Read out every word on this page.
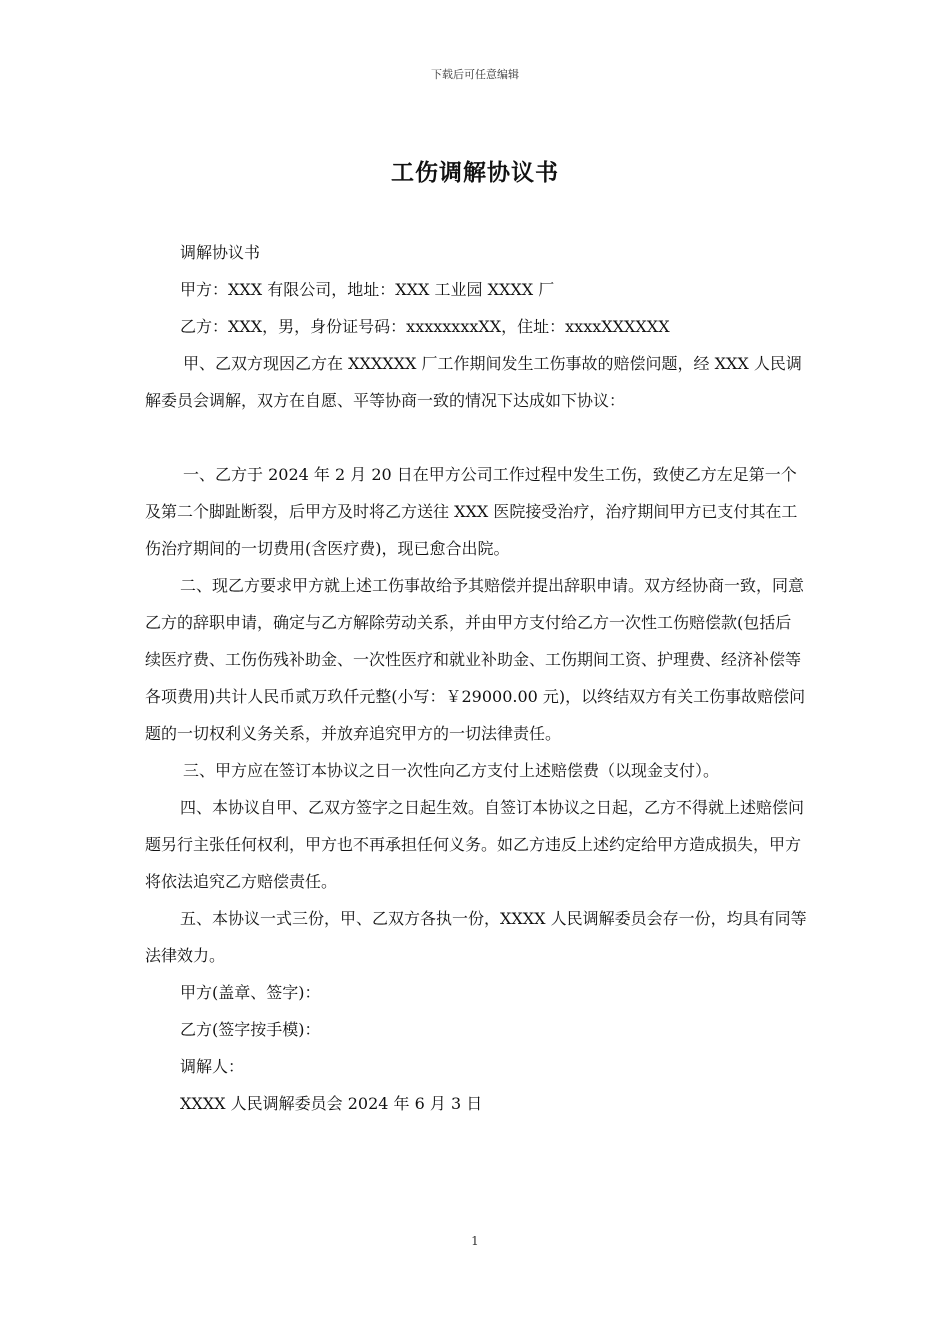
下载后可任意编辑
工伤调解协议书

调解协议书

甲方：XXX 有限公司，地址：XXX 工业园 XXXX 厂

乙方：XXX，男，身份证号码：xxxxxxxxXX，住址：xxxxXXXXXX

甲、乙双方现因乙方在 XXXXXX 厂工作期间发生工伤事故的赔偿问题，经 XXX 人民调解委员会调解，双方在自愿、平等协商一致的情况下达成如下协议：

一、乙方于 2024 年 2 月 20 日在甲方公司工作过程中发生工伤，致使乙方左足第一个及第二个脚趾断裂，后甲方及时将乙方送往 XXX 医院接受治疗，治疗期间甲方已支付其在工伤治疗期间的一切费用(含医疗费)，现已愈合出院。

二、现乙方要求甲方就上述工伤事故给予其赔偿并提出辞职申请。双方经协商一致，同意乙方的辞职申请，确定与乙方解除劳动关系，并由甲方支付给乙方一次性工伤赔偿款(包括后续医疗费、工伤伤残补助金、一次性医疗和就业补助金、工伤期间工资、护理费、经济补偿等各项费用)共计人民币贰万玖仟元整(小写：￥29000.00 元)，以终结双方有关工伤事故赔偿问题的一切权利义务关系，并放弃追究甲方的一切法律责任。

三、甲方应在签订本协议之日一次性向乙方支付上述赔偿费（以现金支付）。

四、本协议自甲、乙双方签字之日起生效。自签订本协议之日起，乙方不得就上述赔偿问题另行主张任何权利，甲方也不再承担任何义务。如乙方违反上述约定给甲方造成损失，甲方将依法追究乙方赔偿责任。

五、本协议一式三份，甲、乙双方各执一份，XXXX 人民调解委员会存一份，均具有同等法律效力。

甲方(盖章、签字)：

乙方(签字按手模)：

调解人：

XXXX 人民调解委员会 2024 年 6 月 3 日

1
